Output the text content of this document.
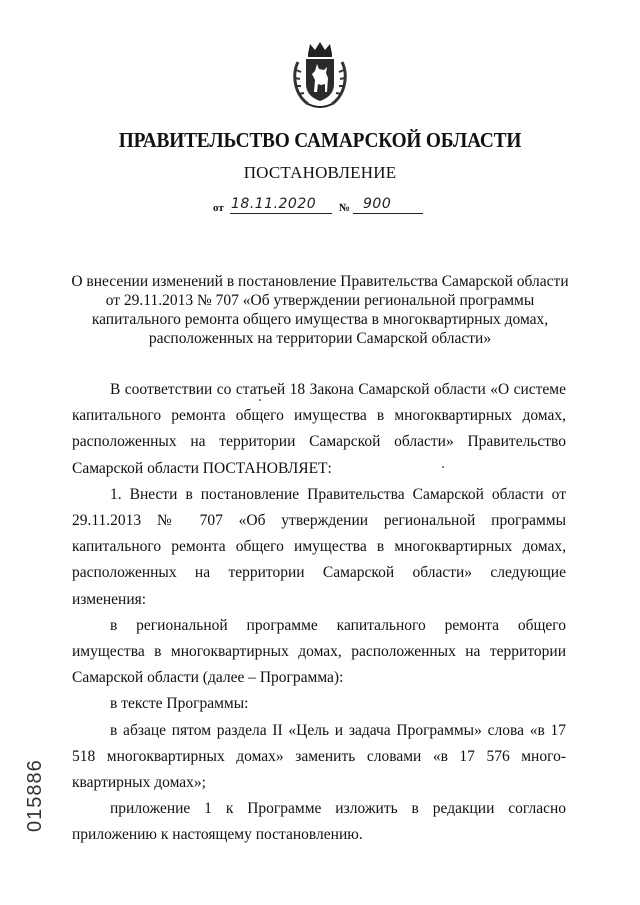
ПРАВИТЕЛЬСТВО САМАРСКОЙ ОБЛАСТИ
ПОСТАНОВЛЕНИЕ
от 18.11.2020 № 900
О внесении изменений в постановление Правительства Самарской области от 29.11.2013 № 707 «Об утверждении региональной программы капитального ремонта общего имущества в многоквартирных домах, расположенных на территории Самарской области»

В соответствии со статьей 18 Закона Самарской области «О системе капитального ремонта общего имущества в многоквартирных домах, расположенных на территории Самарской области» Правительство Самарской области ПОСТАНОВЛЯЕТ:

1. Внести в постановление Правительства Самарской области от 29.11.2013 № 707 «Об утверждении региональной программы капитального ремонта общего имущества в многоквартирных домах, расположенных на территории Самарской области» следующие изменения:

в региональной программе капитального ремонта общего имущества в многоквартирных домах, расположенных на территории Самарской области (далее – Программа):

в тексте Программы:

в абзаце пятом раздела II «Цель и задача Программы» слова «в 17 518 многоквартирных домах» заменить словами «в 17 576 много-квартирных домах»;

приложение 1 к Программе изложить в редакции согласно приложению к настоящему постановлению.

015886
